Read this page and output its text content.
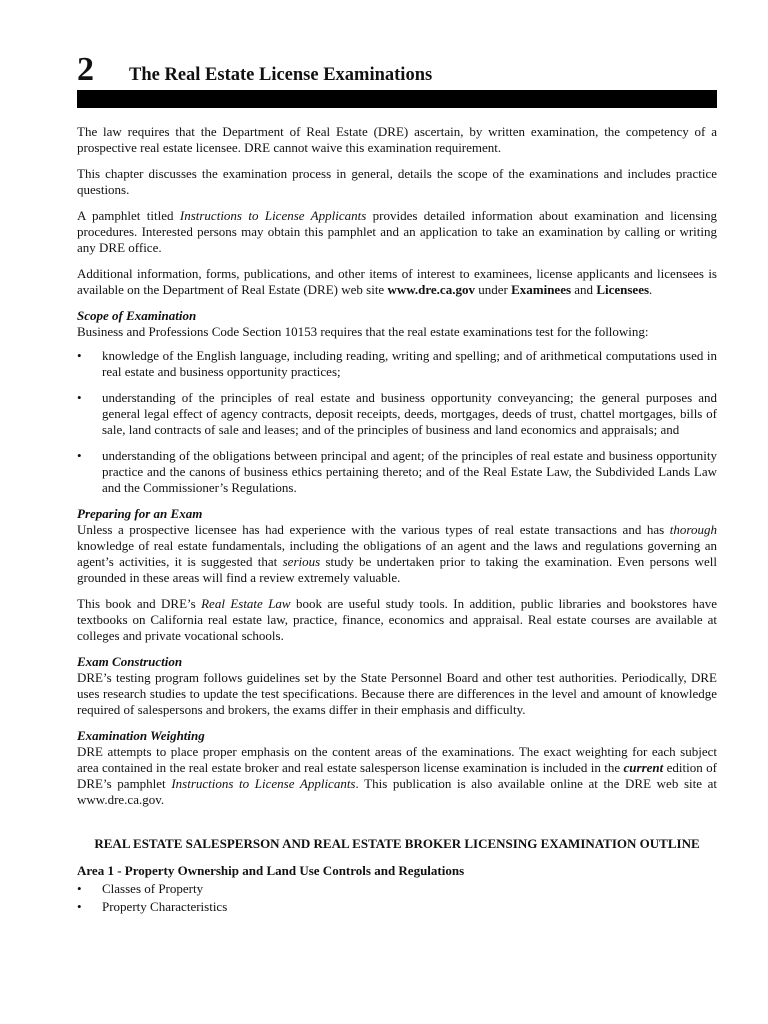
2	The Real Estate License Examinations

The law requires that the Department of Real Estate (DRE) ascertain, by written examination, the competency of a prospective real estate licensee. DRE cannot waive this examination requirement.

This chapter discusses the examination process in general, details the scope of the examinations and includes practice questions.

A pamphlet titled Instructions to License Applicants provides detailed information about examination and licensing procedures. Interested persons may obtain this pamphlet and an application to take an examination by calling or writing any DRE office.

Additional information, forms, publications, and other items of interest to examinees, license applicants and licensees is available on the Department of Real Estate (DRE) web site www.dre.ca.gov under Examinees and Licensees.

Scope of Examination
Business and Professions Code Section 10153 requires that the real estate examinations test for the following:
• knowledge of the English language, including reading, writing and spelling; and of arithmetical computations used in real estate and business opportunity practices;
• understanding of the principles of real estate and business opportunity conveyancing; the general purposes and general legal effect of agency contracts, deposit receipts, deeds, mortgages, deeds of trust, chattel mortgages, bills of sale, land contracts of sale and leases; and of the principles of business and land economics and appraisals; and
• understanding of the obligations between principal and agent; of the principles of real estate and business opportunity practice and the canons of business ethics pertaining thereto; and of the Real Estate Law, the Subdivided Lands Law and the Commissioner’s Regulations.
Preparing for an Exam
Unless a prospective licensee has had experience with the various types of real estate transactions and has thorough knowledge of real estate fundamentals, including the obligations of an agent and the laws and regulations governing an agent’s activities, it is suggested that serious study be undertaken prior to taking the examination. Even persons well grounded in these areas will find a review extremely valuable.

This book and DRE’s Real Estate Law book are useful study tools. In addition, public libraries and bookstores have textbooks on California real estate law, practice, finance, economics and appraisal. Real estate courses are available at colleges and private vocational schools.

Exam Construction
DRE’s testing program follows guidelines set by the State Personnel Board and other test authorities. Periodically, DRE uses research studies to update the test specifications. Because there are differences in the level and amount of knowledge required of salespersons and brokers, the exams differ in their emphasis and difficulty.
Examination Weighting
DRE attempts to place proper emphasis on the content areas of the examinations. The exact weighting for each subject area contained in the real estate broker and real estate salesperson license examination is included in the current edition of DRE’s pamphlet Instructions to License Applicants. This publication is also available online at the DRE web site at www.dre.ca.gov.
REAL ESTATE SALESPERSON AND REAL ESTATE BROKER LICENSING EXAMINATION OUTLINE
Area 1 - Property Ownership and Land Use Controls and Regulations
• Classes of Property
• Property Characteristics
